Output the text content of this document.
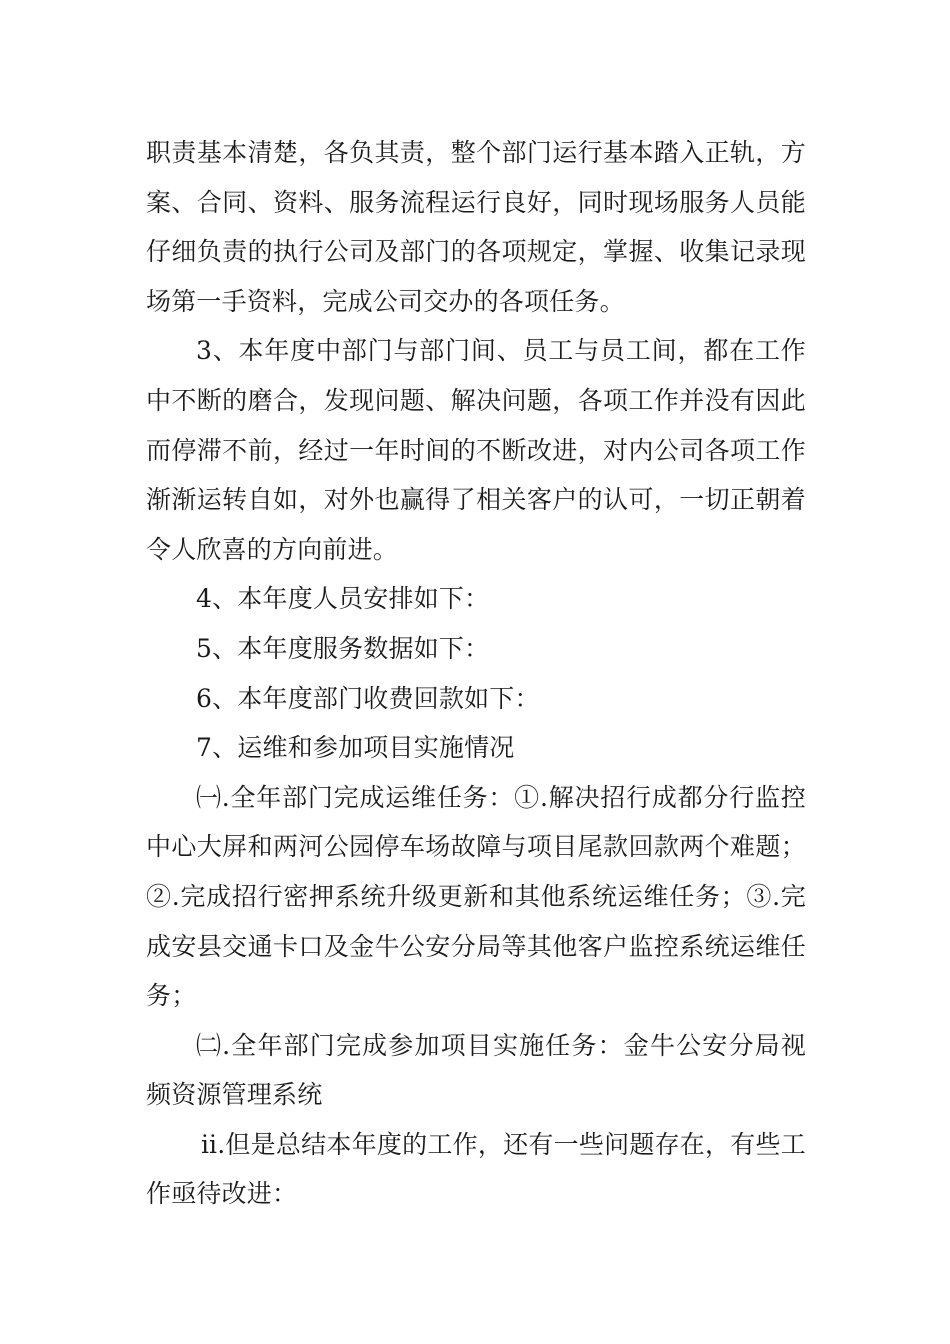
职责基本清楚，各负其责，整个部门运行基本踏入正轨，方案、合同、资料、服务流程运行良好，同时现场服务人员能仔细负责的执行公司及部门的各项规定，掌握、收集记录现场第一手资料，完成公司交办的各项任务。

3、本年度中部门与部门间、员工与员工间，都在工作中不断的磨合，发现问题、解决问题，各项工作并没有因此而停滞不前，经过一年时间的不断改进，对内公司各项工作渐渐运转自如，对外也赢得了相关客户的认可，一切正朝着令人欣喜的方向前进。

4、本年度人员安排如下：

5、本年度服务数据如下：

6、本年度部门收费回款如下：

7、运维和参加项目实施情况

㈠.全年部门完成运维任务：①.解决招行成都分行监控中心大屏和两河公园停车场故障与项目尾款回款两个难题；②.完成招行密押系统升级更新和其他系统运维任务；③.完成安县交通卡口及金牛公安分局等其他客户监控系统运维任务；

㈡.全年部门完成参加项目实施任务：金牛公安分局视频资源管理系统

ⅱ.但是总结本年度的工作，还有一些问题存在，有些工作亟待改进：
